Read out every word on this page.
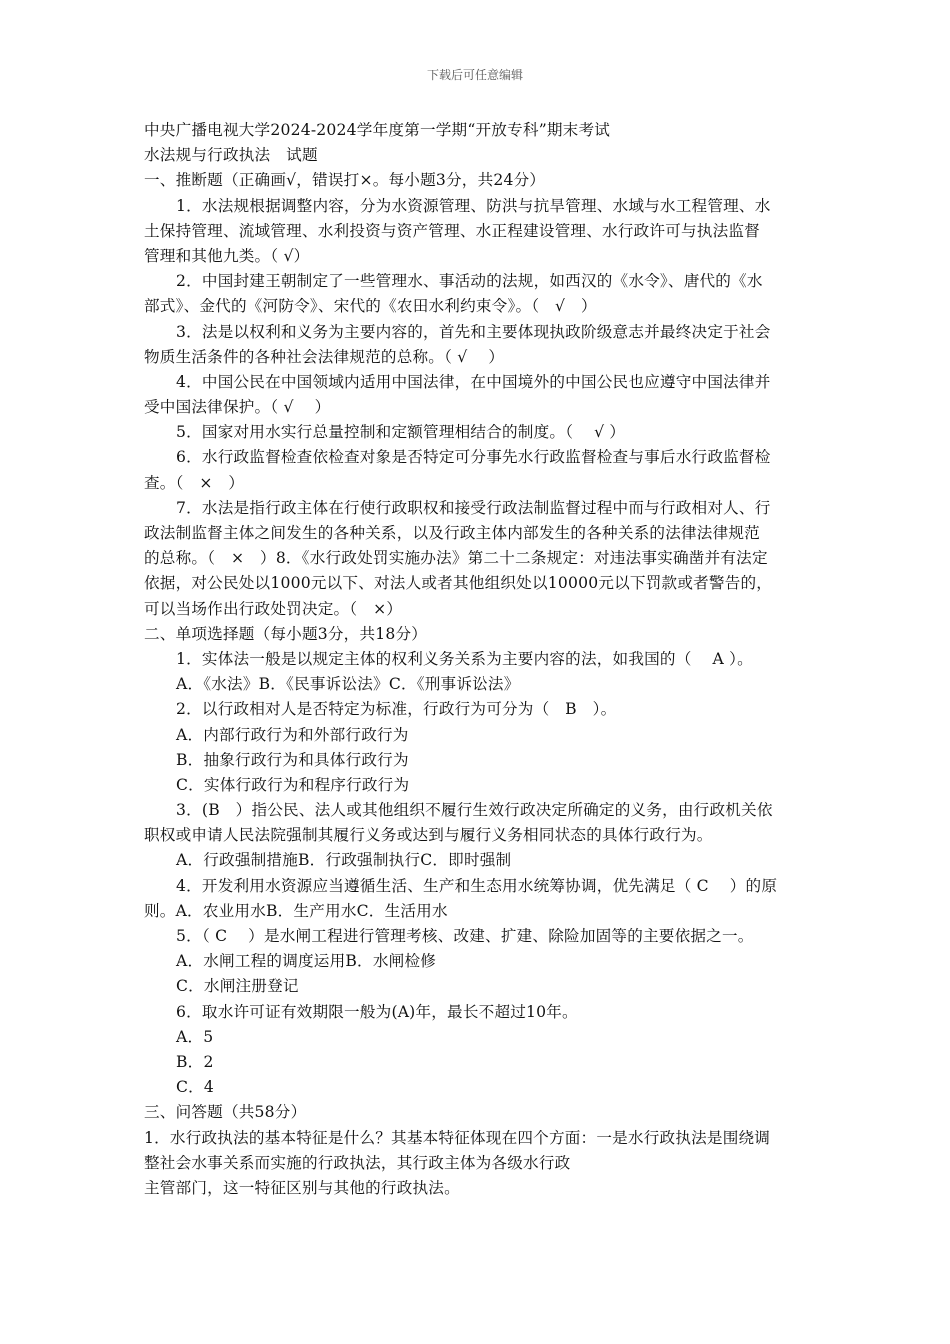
下载后可任意编辑
中央广播电视大学2024-2024学年度第一学期“开放专科”期末考试
水法规与行政执法　试题
一、推断题（正确画√，错误打×。每小题3分，共24分）
1．水法规根据调整内容，分为水资源管理、防洪与抗旱管理、水域与水工程管理、水
土保持管理、流域管理、水利投资与资产管理、水正程建设管理、水行政许可与执法监督
管理和其他九类。（ √）
2．中国封建王朝制定了一些管理水、事活动的法规，如西汉的《水令》、唐代的《水
部式》、金代的《河防令》、宋代的《农田水利约束令》。（　√　）
3．法是以权利和义务为主要内容的，首先和主要体现执政阶级意志并最终决定于社会
物质生活条件的各种社会法律规范的总称。（ √　 ）
4．中国公民在中国领域内适用中国法律，在中国境外的中国公民也应遵守中国法律并
受中国法律保护。（ √　 ）
5．国家对用水实行总量控制和定额管理相结合的制度。（　 √ ）
6．水行政监督检查依检查对象是否特定可分事先水行政监督检查与事后水行政监督检
查。（　×　）
7．水法是指行政主体在行使行政职权和接受行政法制监督过程中而与行政相对人、行
政法制监督主体之间发生的各种关系，以及行政主体内部发生的各种关系的法律法律规范
的总称。（　×　）8．《水行政处罚实施办法》第二十二条规定：对违法事实确凿并有法定
依据，对公民处以1000元以下、对法人或者其他组织处以10000元以下罚款或者警告的，
可以当场作出行政处罚决定。（　×）
二、单项选择题（每小题3分，共18分）
1．实体法一般是以规定主体的权利义务关系为主要内容的法，如我国的（　 A ）。
A．《水法》B．《民事诉讼法》C．《刑事诉讼法》
2．以行政相对人是否特定为标准，行政行为可分为（　B　）。
A．内部行政行为和外部行政行为
B．抽象行政行为和具体行政行为
C．实体行政行为和程序行政行为
3．(B　）指公民、法人或其他组织不履行生效行政决定所确定的义务，由行政机关依
职权或申请人民法院强制其履行义务或达到与履行义务相同状态的具体行政行为。
A．行政强制措施B．行政强制执行C．即时强制
4．开发利用水资源应当遵循生活、生产和生态用水统筹协调，优先满足（ C　 ）的原
则。A．农业用水B．生产用水C．生活用水
5．（ C　 ）是水闸工程进行管理考核、改建、扩建、除险加固等的主要依据之一。
A．水闸工程的调度运用B．水闸检修
C．水闸注册登记
6．取水许可证有效期限一般为(A)年，最长不超过10年。
A．5
B．2
C．4
三、问答题（共58分）
1．水行政执法的基本特征是什么？其基本特征体现在四个方面：一是水行政执法是围绕调
整社会水事关系而实施的行政执法，其行政主体为各级水行政
主管部门，这一特征区别与其他的行政执法。
